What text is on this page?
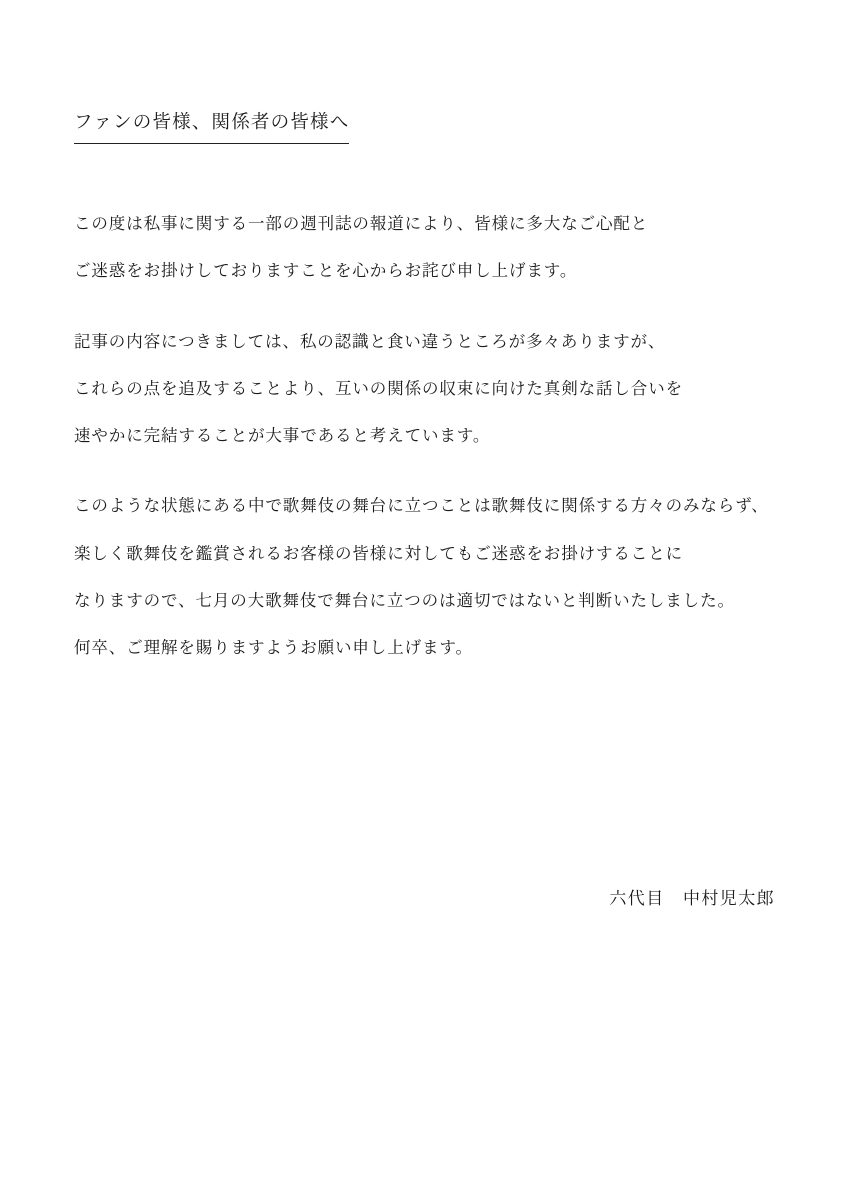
ファンの皆様、関係者の皆様へ
この度は私事に関する一部の週刊誌の報道により、皆様に多大なご心配と
ご迷惑をお掛けしておりますことを心からお詫び申し上げます。
記事の内容につきましては、私の認識と食い違うところが多々ありますが、
これらの点を追及することより、互いの関係の収束に向けた真剣な話し合いを
速やかに完結することが大事であると考えています。
このような状態にある中で歌舞伎の舞台に立つことは歌舞伎に関係する方々のみならず、
楽しく歌舞伎を鑑賞されるお客様の皆様に対してもご迷惑をお掛けすることに
なりますので、七月の大歌舞伎で舞台に立つのは適切ではないと判断いたしました。
何卒、ご理解を賜りますようお願い申し上げます。
六代目　中村児太郎
